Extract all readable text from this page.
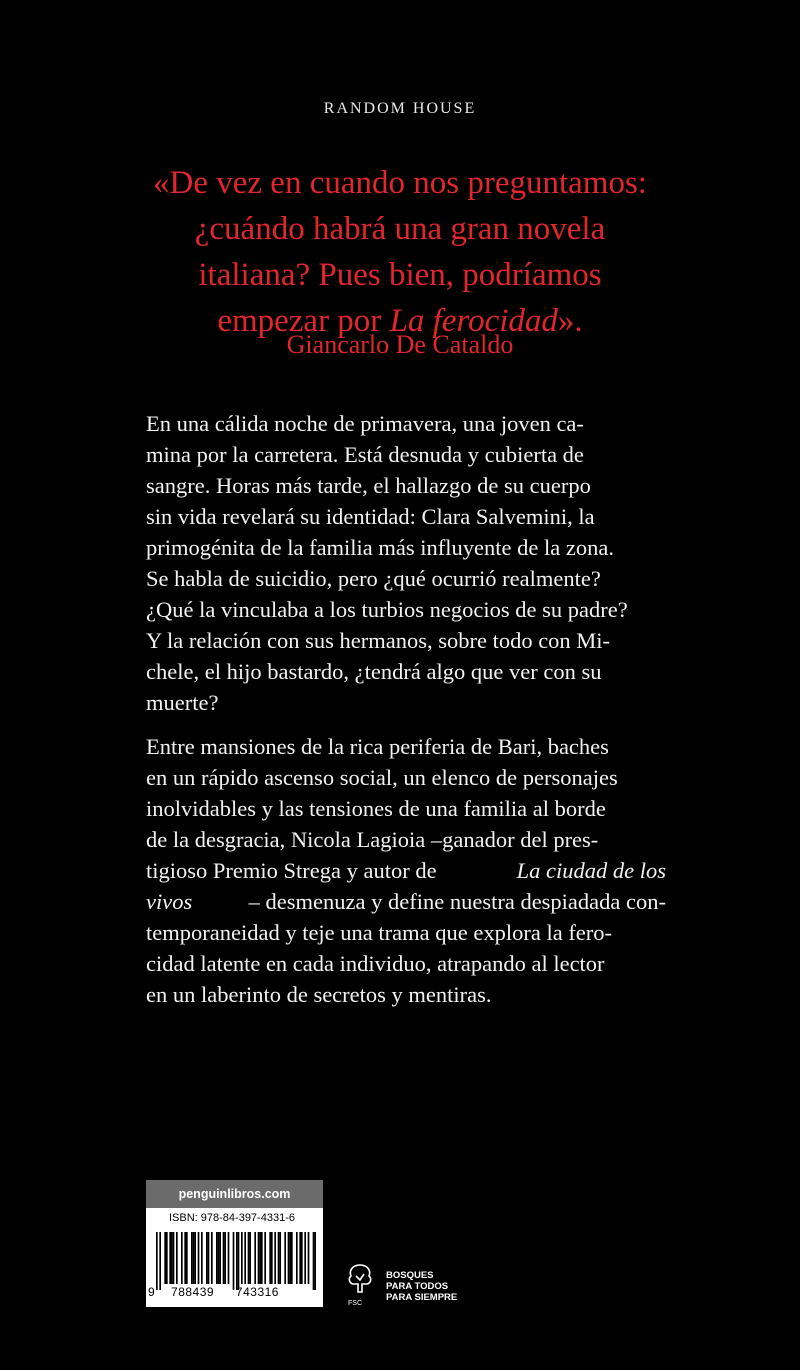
RANDOM HOUSE
«De vez en cuando nos preguntamos:
¿cuándo habrá una gran novela
italiana? Pues bien, podríamos
empezar por La ferocidad».
Giancarlo De Cataldo
En una cálida noche de primavera, una joven ca-
mina por la carretera. Está desnuda y cubierta de
sangre. Horas más tarde, el hallazgo de su cuerpo
sin vida revelará su identidad: Clara Salvemini, la
primogénita de la familia más influyente de la zona.
Se habla de suicidio, pero ¿qué ocurrió realmente?
¿Qué la vinculaba a los turbios negocios de su padre?
Y la relación con sus hermanos, sobre todo con Mi-
chele, el hijo bastardo, ¿tendrá algo que ver con su
muerte?
Entre mansiones de la rica periferia de Bari, baches
en un rápido ascenso social, un elenco de personajes
inolvidables y las tensiones de una familia al borde
de la desgracia, Nicola Lagioia –ganador del pres-
tigioso Premio Strega y autor de	La ciudad de los
vivos	– desmenuza y define nuestra despiadada con-
temporaneidad y teje una trama que explora la fero-
cidad latente en cada individuo, atrapando al lector
en un laberinto de secretos y mentiras.
penguinlibros.com
ISBN: 978-84-397-4331-6
9 788439 743316
FSC
BOSQUES
PARA TODOS
PARA SIEMPRE
